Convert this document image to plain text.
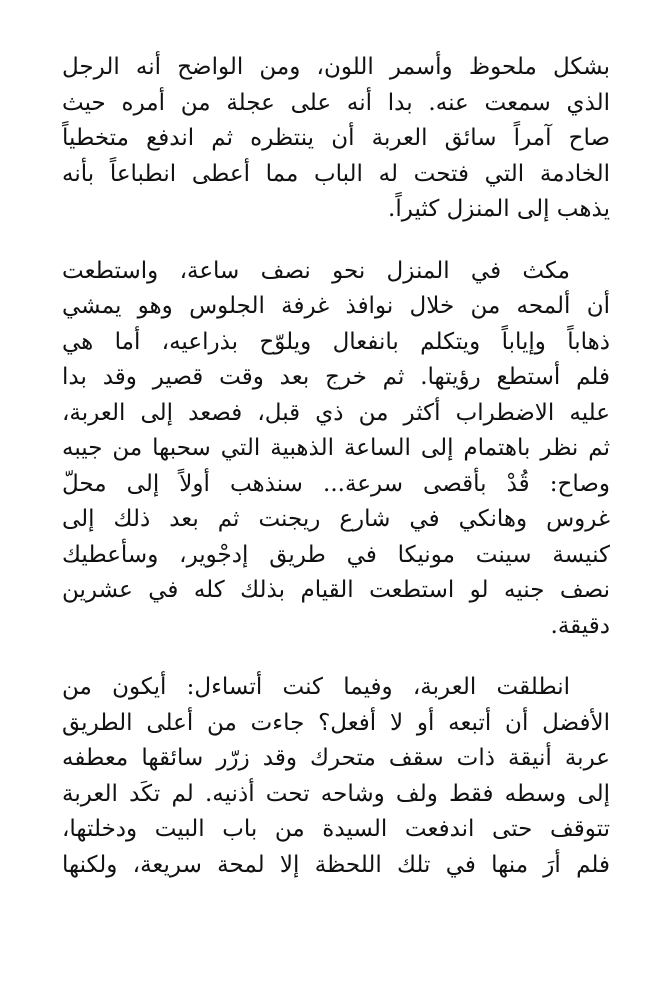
بشكل ملحوظ وأسمر اللون، ومن الواضح أنه الرجل
الذي سمعت عنه. بدا أنه على عجلة من أمره حيث
صاح آمراً سائق العربة أن ينتظره ثم اندفع متخطياً
الخادمة التي فتحت له الباب مما أعطى انطباعاً بأنه
يذهب إلى المنزل كثيراً.
مكث في المنزل نحو نصف ساعة، واستطعت
أن ألمحه من خلال نوافذ غرفة الجلوس وهو يمشي
ذهاباً وإياباً ويتكلم بانفعال ويلوّح بذراعيه، أما هي
فلم أستطع رؤيتها. ثم خرج بعد وقت قصير وقد بدا
عليه الاضطراب أكثر من ذي قبل، فصعد إلى العربة،
ثم نظر باهتمام إلى الساعة الذهبية التي سحبها من جيبه
وصاح: قُدْ بأقصى سرعة... سنذهب أولاً إلى محلّ
غروس وهانكي في شارع ريجنت ثم بعد ذلك إلى
كنيسة سينت مونيكا في طريق إدجْوير، وسأعطيك
نصف جنيه لو استطعت القيام بذلك كله في عشرين
دقيقة.
انطلقت العربة، وفيما كنت أتساءل: أيكون من
الأفضل أن أتبعه أو لا أفعل؟ جاءت من أعلى الطريق
عربة أنيقة ذات سقف متحرك وقد زرّر سائقها معطفه
إلى وسطه فقط ولف وشاحه تحت أذنيه. لم تكَد العربة
تتوقف حتى اندفعت السيدة من باب البيت ودخلتها،
فلم أرَ منها في تلك اللحظة إلا لمحة سريعة، ولكنها
